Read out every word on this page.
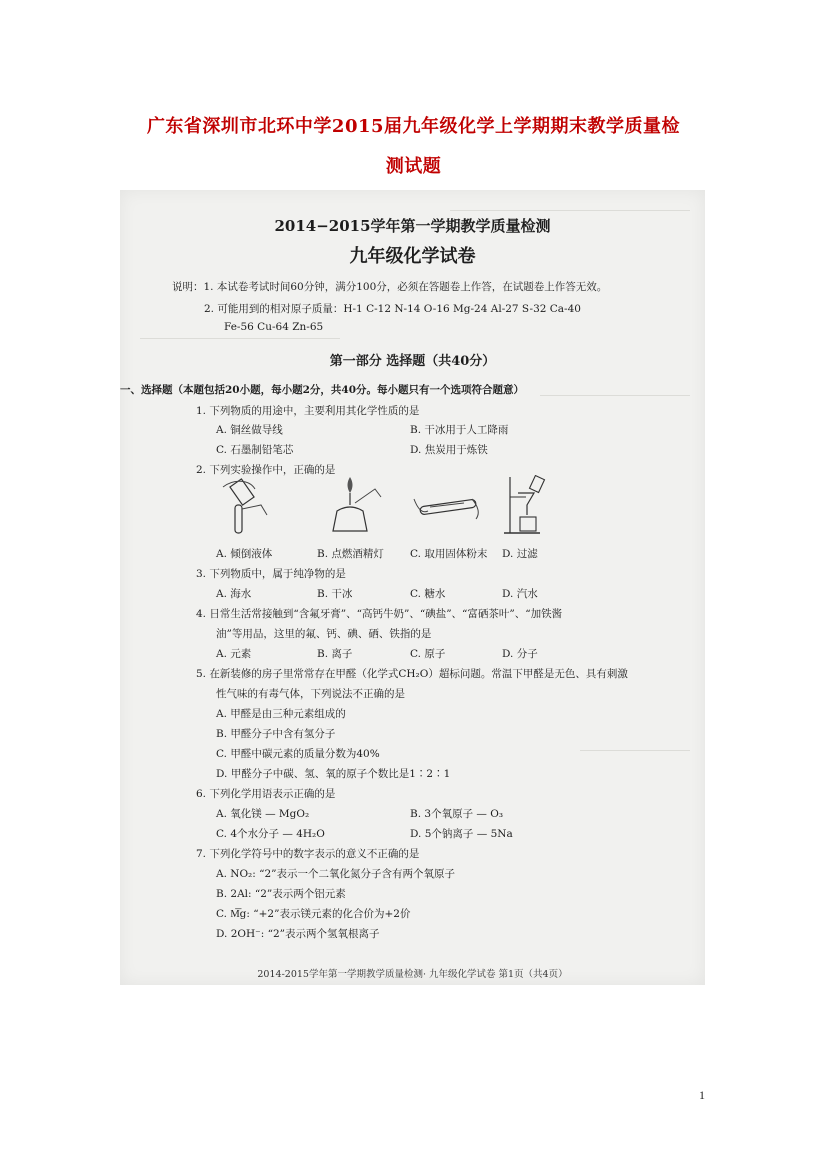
广东省深圳市北环中学2015届九年级化学上学期期末教学质量检
测试题
2014−2015学年第一学期教学质量检测
九年级化学试卷
说明：1. 本试卷考试时间60分钟，满分100分，必须在答题卷上作答，在试题卷上作答无效。
2. 可能用到的相对原子质量：H-1 C-12 N-14 O-16 Mg-24 Al-27 S-32 Ca-40
Fe-56 Cu-64 Zn-65
第一部分 选择题（共40分）
一、选择题（本题包括20小题，每小题2分，共40分。每小题只有一个选项符合题意）
1. 下列物质的用途中，主要利用其化学性质的是
A. 铜丝做导线	B. 干冰用于人工降雨
C. 石墨制铅笔芯	D. 焦炭用于炼铁
2. 下列实验操作中，正确的是
A. 倾倒液体	B. 点燃酒精灯 C. 取用固体粉末 D. 过滤
3. 下列物质中，属于纯净物的是
A. 海水	B. 干冰	C. 糖水	D. 汽水
4. 日常生活常接触到“含氟牙膏”、“高钙牛奶”、“碘盐”、“富硒茶叶”、“加铁酱
油”等用品，这里的氟、钙、碘、硒、铁指的是
A. 元素	B. 离子	C. 原子	D. 分子
5. 在新装修的房子里常常存在甲醛（化学式CH₂O）超标问题。常温下甲醛是无色、具有刺激
性气味的有毒气体，下列说法不正确的是
A. 甲醛是由三种元素组成的
B. 甲醛分子中含有氢分子
C. 甲醛中碳元素的质量分数为40%
D. 甲醛分子中碳、氢、氧的原子个数比是1∶2∶1
6. 下列化学用语表示正确的是
A. 氧化镁 — MgO₂	B. 3个氧原子 — O₃
C. 4个水分子 — 4H₂O	D. 5个钠离子 — 5Na
7. 下列化学符号中的数字表示的意义不正确的是
A. NO₂: “2”表示一个二氧化氮分子含有两个氧原子
B. 2Al: “2”表示两个铝元素
C. M͞g: “+2”表示镁元素的化合价为+2价
D. 2OH⁻: “2”表示两个氢氧根离子
2014-2015学年第一学期教学质量检测· 九年级化学试卷 第1页（共4页）
1
